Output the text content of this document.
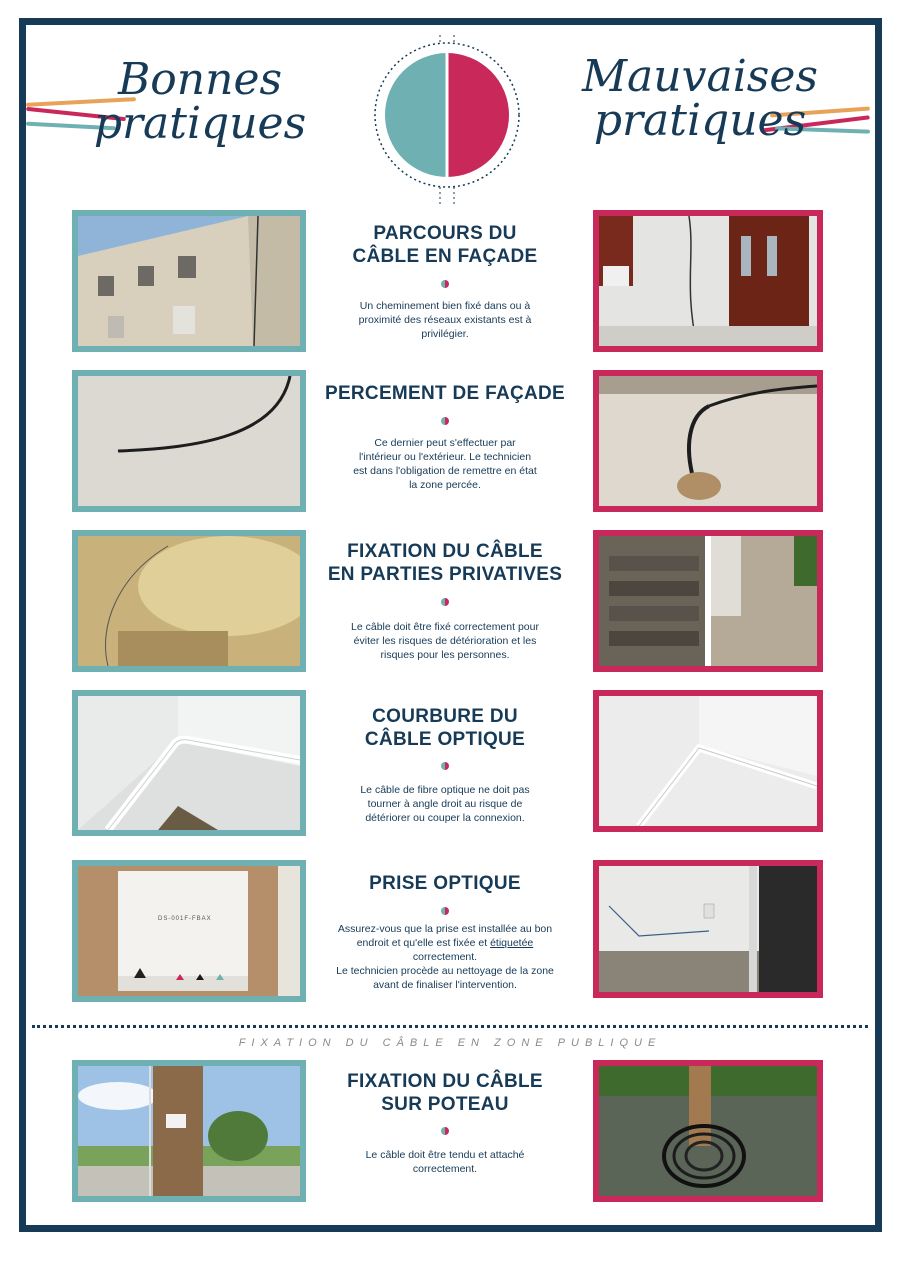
Bonnes
pratiques
Mauvaises
pratiques
PARCOURS DU
CÂBLE EN FAÇADE
Un cheminement bien fixé dans ou à
proximité des réseaux existants est à
privilégier.
PERCEMENT DE FAÇADE
Ce dernier peut s'effectuer par
l'intérieur ou l'extérieur. Le technicien
est dans l'obligation de remettre en état
la zone percée.
FIXATION DU CÂBLE
EN PARTIES PRIVATIVES
Le câble doit être fixé correctement pour
éviter les risques de détérioration et les
risques pour les personnes.
COURBURE DU
CÂBLE OPTIQUE
Le câble de fibre optique ne doit pas
tourner à angle droit au risque de
détériorer ou couper la connexion.
DS-001F-FBAX
PRISE OPTIQUE
Assurez-vous que la prise est installée au bon
endroit et qu'elle est fixée et étiquetée
correctement.
Le technicien procède au nettoyage de la zone
avant de finaliser l'intervention.
FIXATION DU CÂBLE EN ZONE PUBLIQUE
FIXATION DU CÂBLE
SUR POTEAU
Le câble doit être tendu et attaché
correctement.
